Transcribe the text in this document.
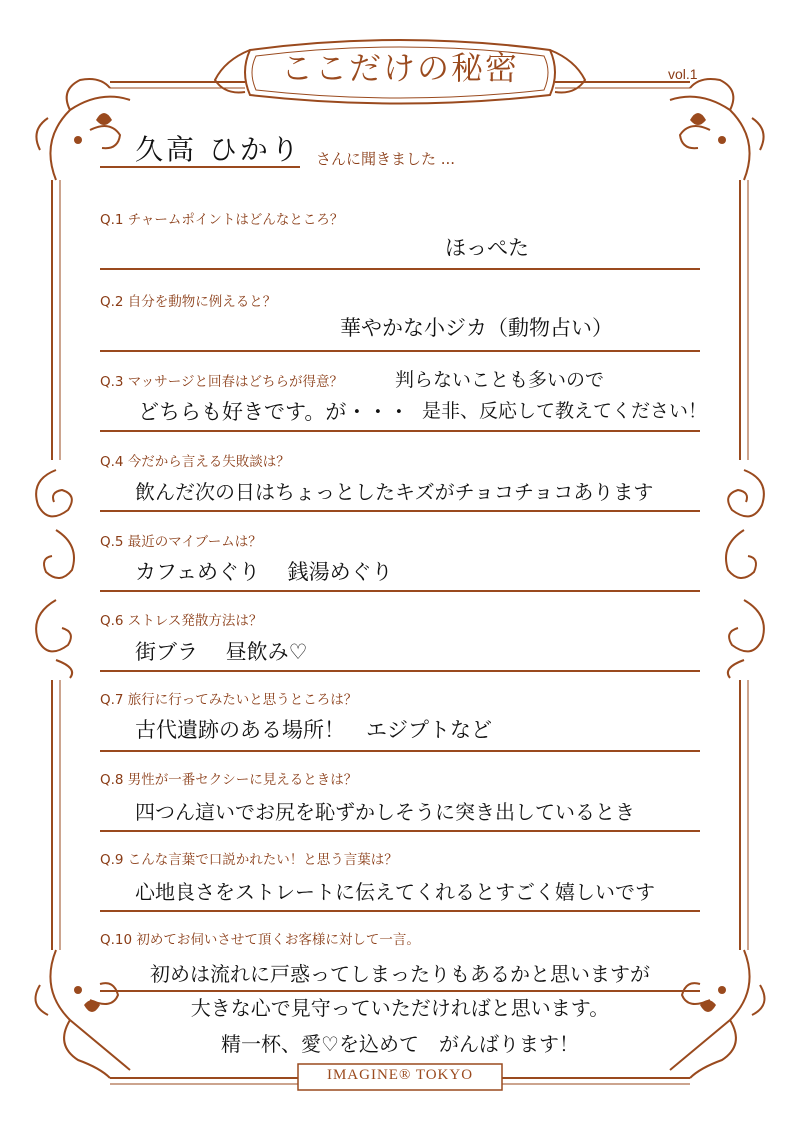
ここだけの秘密	vol.1
久高 ひかり さんに聞きました ...
Q.1 チャームポイントはどんなところ？
ほっぺた
Q.2 自分を動物に例えると？
華やかな小ジカ（動物占い）
Q.3 マッサージと回春はどちらが得意？	判らないことも多いので
どちらも好きです。が・・・ 是非、反応して教えてください！
Q.4 今だから言える失敗談は？
飲んだ次の日はちょっとしたキズがチョコチョコあります
Q.5 最近のマイブームは？
カフェめぐり　 銭湯めぐり
Q.6 ストレス発散方法は？
街ブラ　 昼飲み♡
Q.7 旅行に行ってみたいと思うところは？
古代遺跡のある場所！　エジプトなど
Q.8 男性が一番セクシーに見えるときは？
四つん這いでお尻を恥ずかしそうに突き出しているとき
Q.9 こんな言葉で口説かれたい！と思う言葉は？
心地良さをストレートに伝えてくれるとすごく嬉しいです
Q.10 初めてお伺いさせて頂くお客様に対して一言。
初めは流れに戸惑ってしまったりもあるかと思いますが
大きな心で見守っていただければと思います。
精一杯、愛♡を込めて　がんばります！
IMAGINE® TOKYO
